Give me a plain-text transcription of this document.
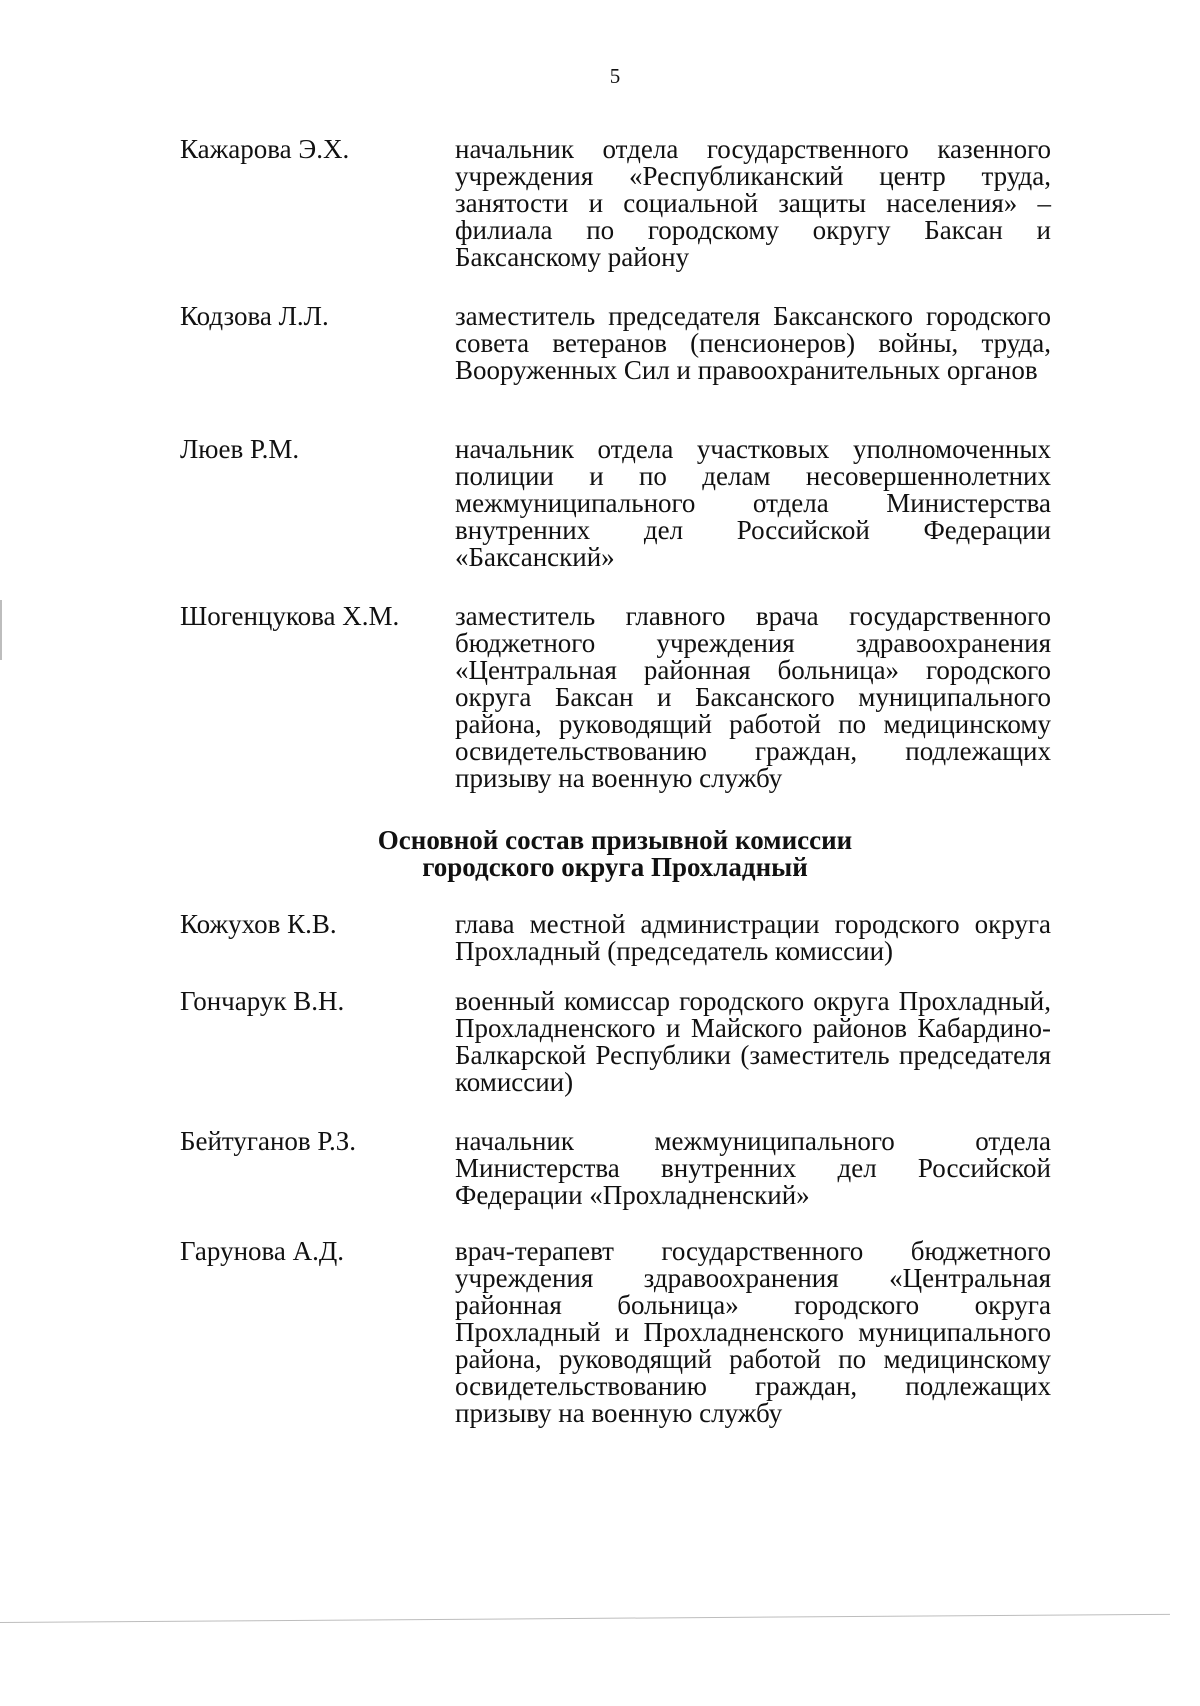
5
Кажарова Э.Х.	начальник отдела государственного казенного учреждения «Республиканский центр труда, занятости и социальной защиты населения» – филиала по городскому округу Баксан и Баксанскому району
Кодзова Л.Л.	заместитель председателя Баксанского городского совета ветеранов (пенсионеров) войны, труда, Вооруженных Сил и правоохранительных органов
Люев Р.М.	начальник отдела участковых уполномоченных полиции и по делам несовершеннолетних межмуниципального отдела Министерства внутренних дел Российской Федерации «Баксанский»
Шогенцукова Х.М. заместитель главного врача государственного бюджетного учреждения здравоохранения «Центральная районная больница» городского округа Баксан и Баксанского муниципального района, руководящий работой по медицинскому освидетельствованию граждан, подлежащих призыву на военную службу
Основной состав призывной комиссии
городского округа Прохладный
Кожухов К.В.	глава местной администрации городского округа Прохладный (председатель комиссии)
Гончарук В.Н.	военный комиссар городского округа Прохладный, Прохладненского и Майского районов Кабардино-Балкарской Республики (заместитель председателя комиссии)
Бейтуганов Р.З.	начальник межмуниципального отдела Министерства внутренних дел Российской Федерации «Прохладненский»
Гарунова А.Д.	врач-терапевт государственного бюджетного учреждения здравоохранения «Центральная районная больница» городского округа Прохладный и Прохладненского муниципального района, руководящий работой по медицинскому освидетельствованию граждан, подлежащих призыву на военную службу
